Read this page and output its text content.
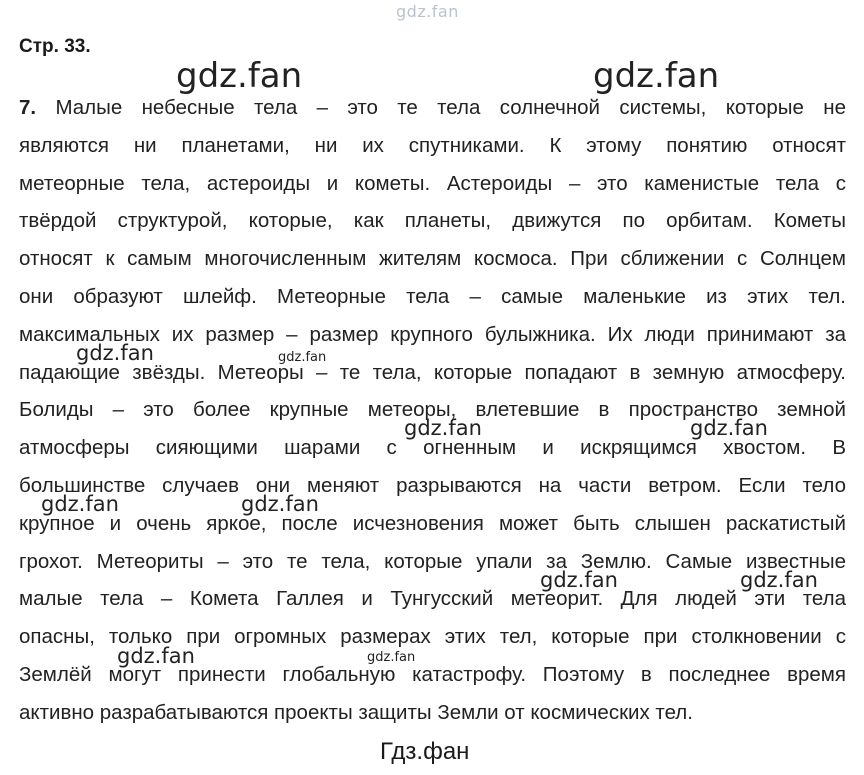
gdz.fan
Стр. 33.
7. Малые небесные тела – это те тела солнечной системы, которые не
являются ни планетами, ни их спутниками. К этому понятию относят
метеорные тела, астероиды и кометы. Астероиды – это каменистые тела с
твёрдой структурой, которые, как планеты, движутся по орбитам. Кометы
относят к самым многочисленным жителям космоса. При сближении с Солнцем
они образуют шлейф. Метеорные тела – самые маленькие из этих тел.
максимальных их размер – размер крупного булыжника. Их люди принимают за
падающие звёзды. Метеоры – те тела, которые попадают в земную атмосферу.
Болиды – это более крупные метеоры, влетевшие в пространство земной
атмосферы сияющими шарами с огненным и искрящимся хвостом. В
большинстве случаев они меняют разрываются на части ветром. Если тело
крупное и очень яркое, после исчезновения может быть слышен раскатистый
грохот. Метеориты – это те тела, которые упали за Землю. Самые известные
малые тела – Комета Галлея и Тунгусский метеорит. Для людей эти тела
опасны, только при огромных размерах этих тел, которые при столкновении с
Землёй могут принести глобальную катастрофу. Поэтому в последнее время
активно разрабатываются проекты защиты Земли от космических тел.
gdz.fan	gdz.fan
gdz.fan	gdz.fan
gdz.fan	gdz.fan
gdz.fan	gdz.fan
gdz.fan	gdz.fan
gdz.fan	gdz.fan
Гдз.фан
